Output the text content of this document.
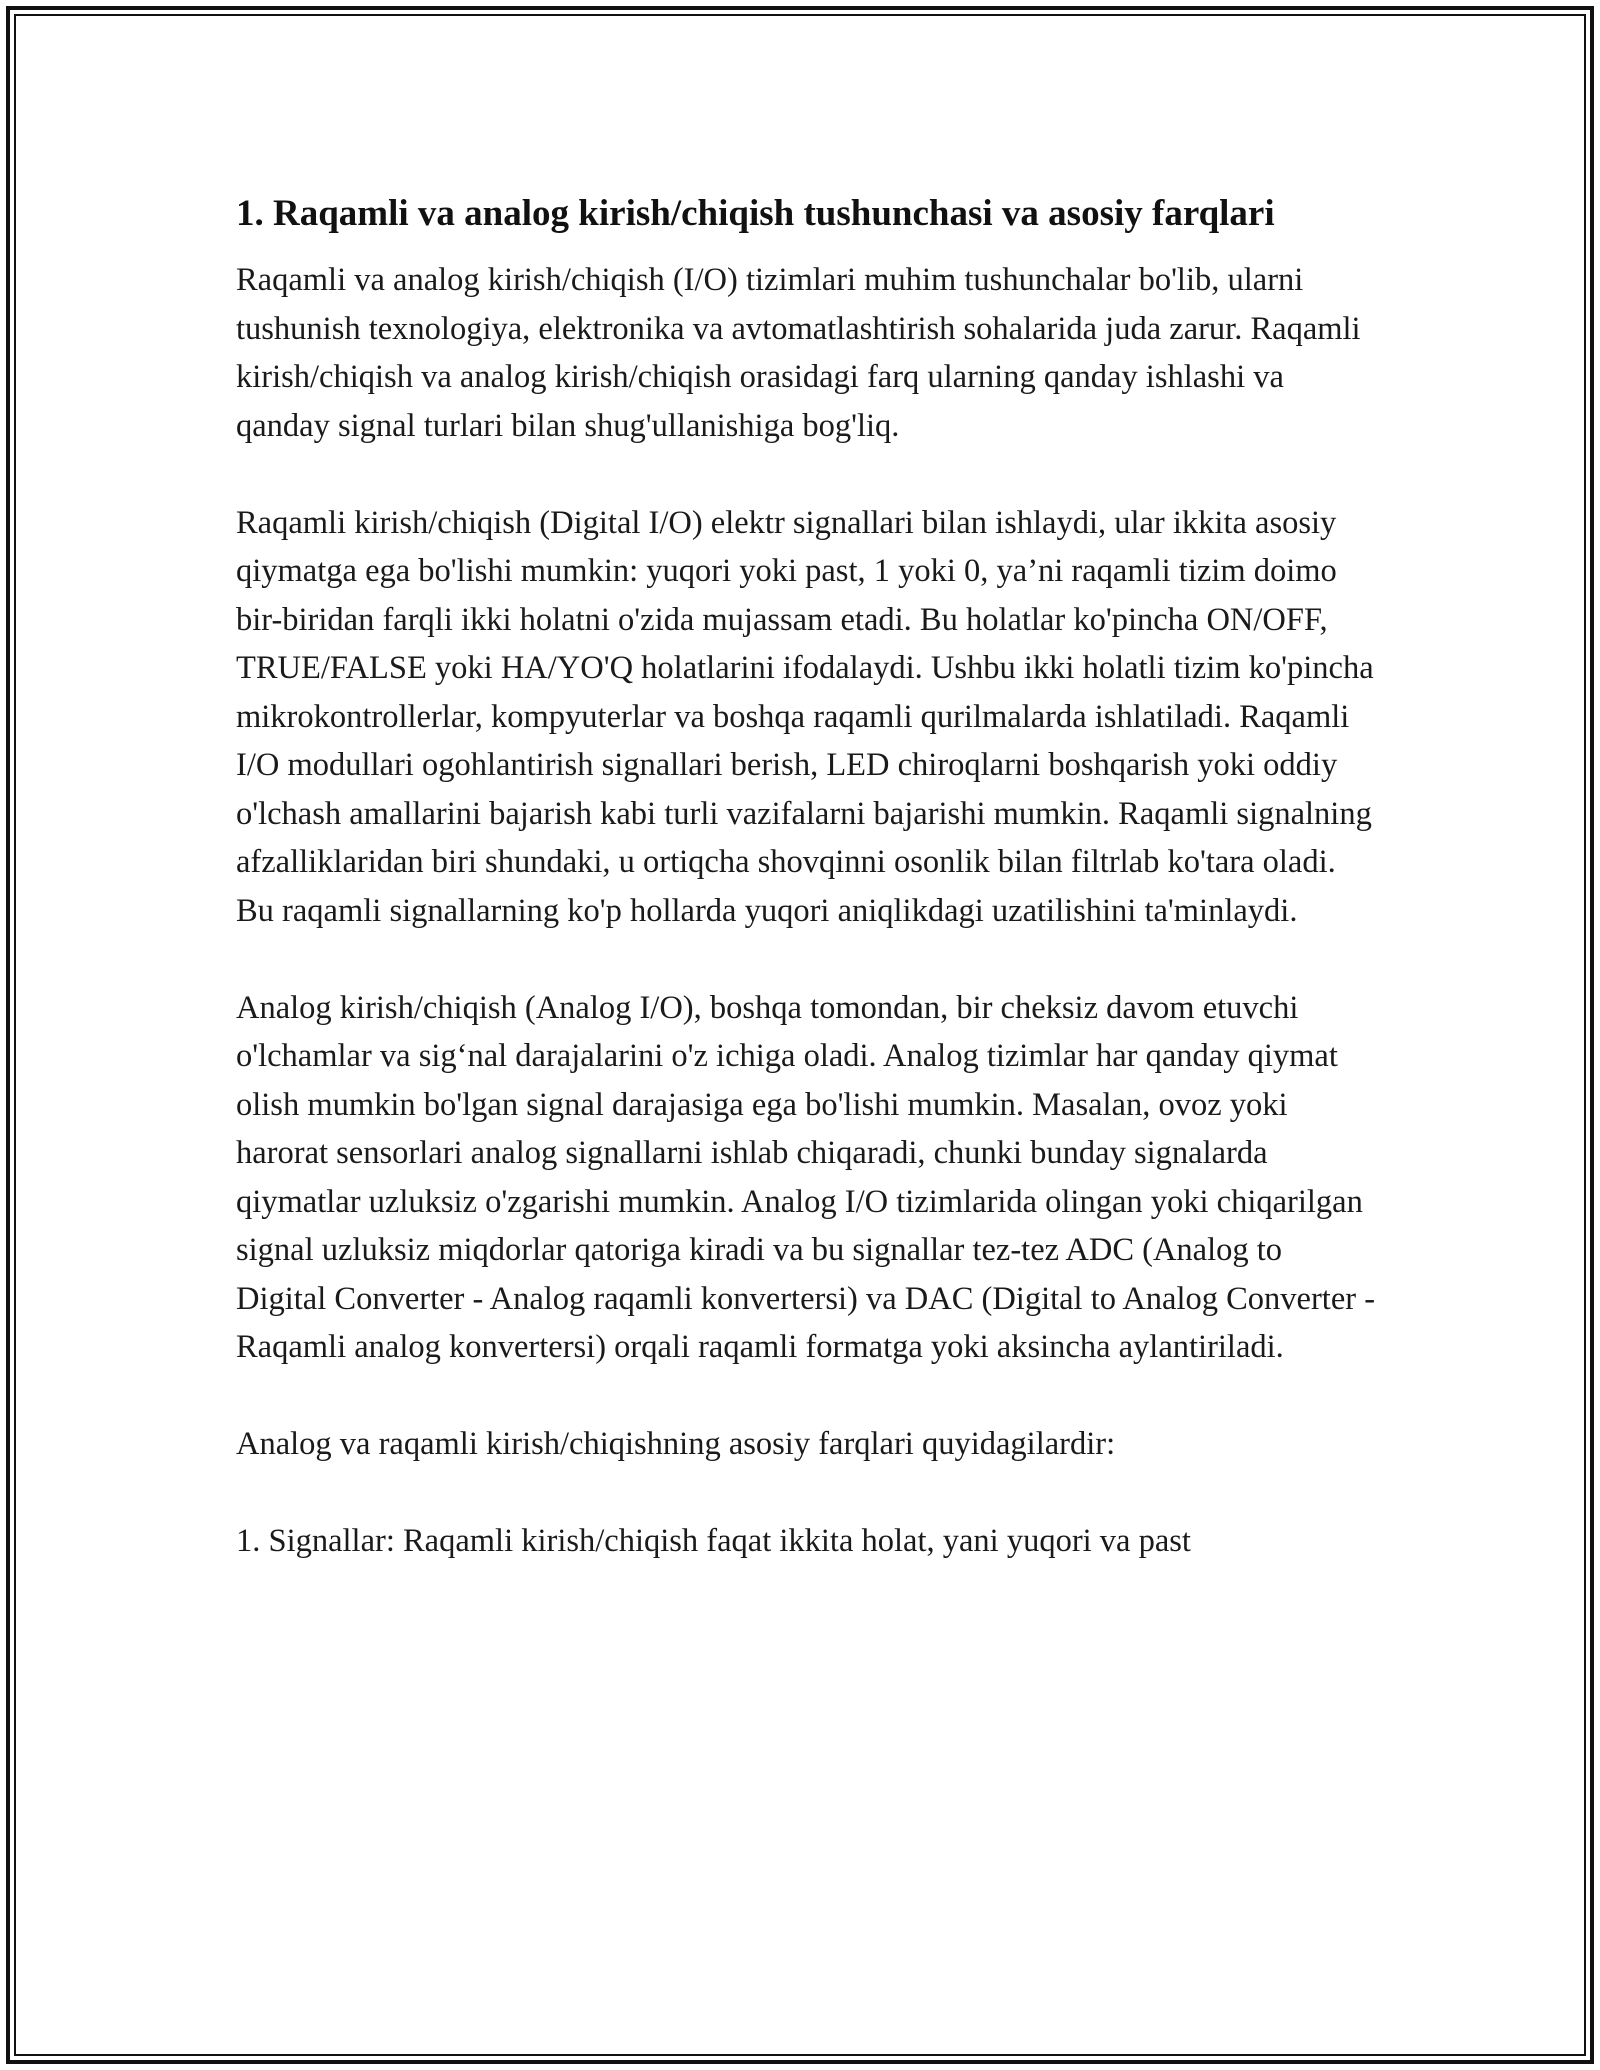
1. Raqamli va analog kirish/chiqish tushunchasi va asosiy farqlari

Raqamli va analog kirish/chiqish (I/O) tizimlari muhim tushunchalar bo'lib, ularni tushunish texnologiya, elektronika va avtomatlashtirish sohalarida juda zarur. Raqamli kirish/chiqish va analog kirish/chiqish orasidagi farq ularning qanday ishlashi va qanday signal turlari bilan shug'ullanishiga bog'liq.

Raqamli kirish/chiqish (Digital I/O) elektr signallari bilan ishlaydi, ular ikkita asosiy qiymatga ega bo'lishi mumkin: yuqori yoki past, 1 yoki 0, ya’ni raqamli tizim doimo bir-biridan farqli ikki holatni o'zida mujassam etadi. Bu holatlar ko'pincha ON/OFF, TRUE/FALSE yoki HA/YO'Q holatlarini ifodalaydi. Ushbu ikki holatli tizim ko'pincha mikrokontrollerlar, kompyuterlar va boshqa raqamli qurilmalarda ishlatiladi. Raqamli I/O modullari ogohlantirish signallari berish, LED chiroqlarni boshqarish yoki oddiy o'lchash amallarini bajarish kabi turli vazifalarni bajarishi mumkin. Raqamli signalning afzalliklaridan biri shundaki, u ortiqcha shovqinni osonlik bilan filtrlab ko'tara oladi. Bu raqamli signallarning ko'p hollarda yuqori aniqlikdagi uzatilishini ta'minlaydi.

Analog kirish/chiqish (Analog I/O), boshqa tomondan, bir cheksiz davom etuvchi o'lchamlar va sig‘nal darajalarini o'z ichiga oladi. Analog tizimlar har qanday qiymat olish mumkin bo'lgan signal darajasiga ega bo'lishi mumkin. Masalan, ovoz yoki harorat sensorlari analog signallarni ishlab chiqaradi, chunki bunday signalarda qiymatlar uzluksiz o'zgarishi mumkin. Analog I/O tizimlarida olingan yoki chiqarilgan signal uzluksiz miqdorlar qatoriga kiradi va bu signallar tez-tez ADC (Analog to Digital Converter - Analog raqamli konvertersi) va DAC (Digital to Analog Converter - Raqamli analog konvertersi) orqali raqamli formatga yoki aksincha aylantiriladi.

Analog va raqamli kirish/chiqishning asosiy farqlari quyidagilardir:

1. Signallar: Raqamli kirish/chiqish faqat ikkita holat, yani yuqori va past
